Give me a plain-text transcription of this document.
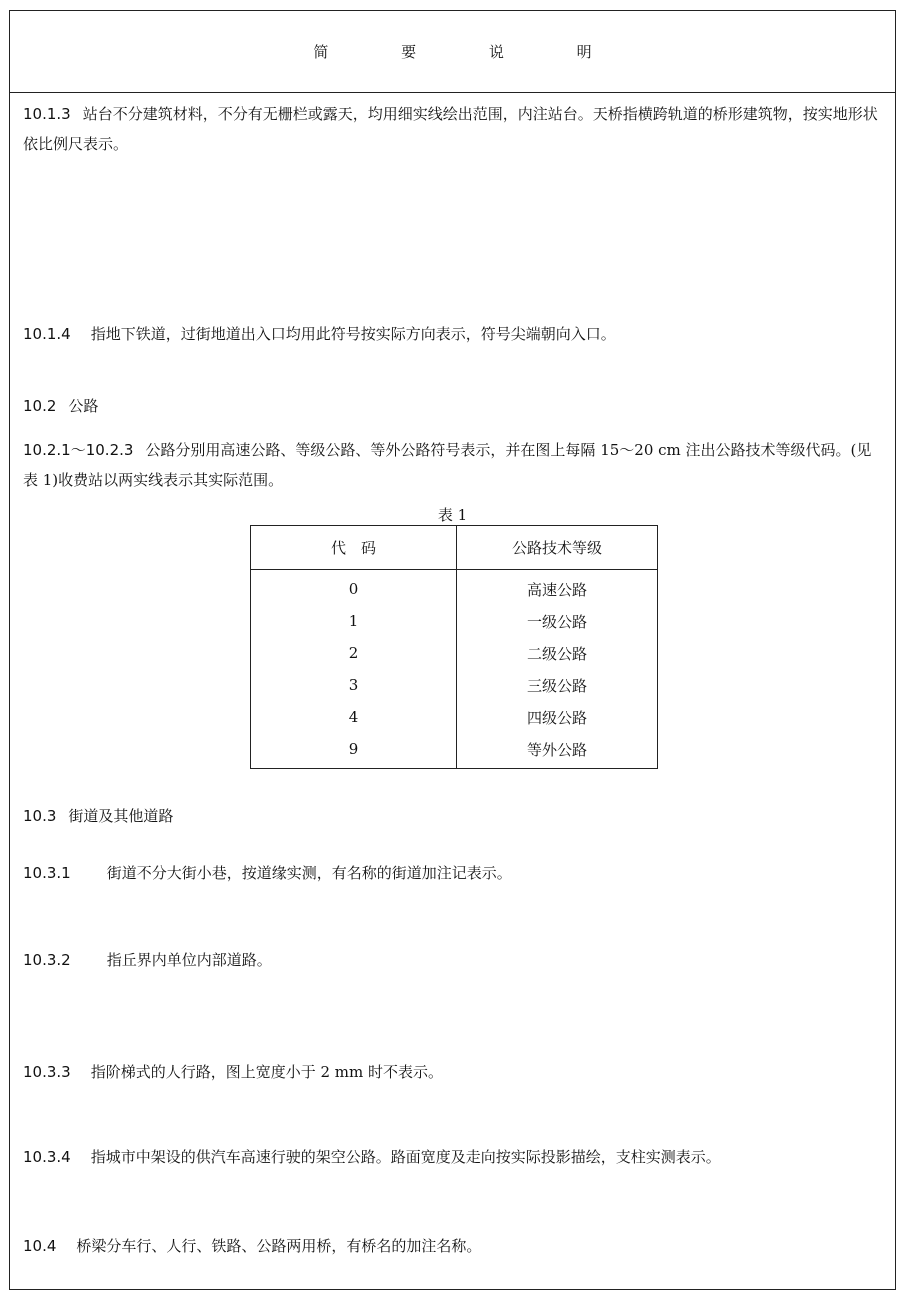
简 要 说 明
10.1.3 站台不分建筑材料，不分有无栅栏或露天，均用细实线绘出范围，内注站台。天桥指横跨轨道的桥形建筑物，按实地形状依比例尺表示。
10.1.4 指地下铁道，过街地道出入口均用此符号按实际方向表示，符号尖端朝向入口。
10.2 公路
10.2.1～10.2.3 公路分别用高速公路、等级公路、等外公路符号表示，并在图上每隔 15～20 cm 注出公路技术等级代码。(见表 1)收费站以两实线表示其实际范围。
表 1
代　码	公路技术等级
0	高速公路
1	一级公路
2	二级公路
3	三级公路
4	四级公路
9	等外公路
10.3 街道及其他道路
10.3.1 街道不分大街小巷，按道缘实测，有名称的街道加注记表示。
10.3.2 指丘界内单位内部道路。
10.3.3 指阶梯式的人行路，图上宽度小于 2 mm 时不表示。
10.3.4 指城市中架设的供汽车高速行驶的架空公路。路面宽度及走向按实际投影描绘，支柱实测表示。
10.4 桥梁分车行、人行、铁路、公路两用桥，有桥名的加注名称。
